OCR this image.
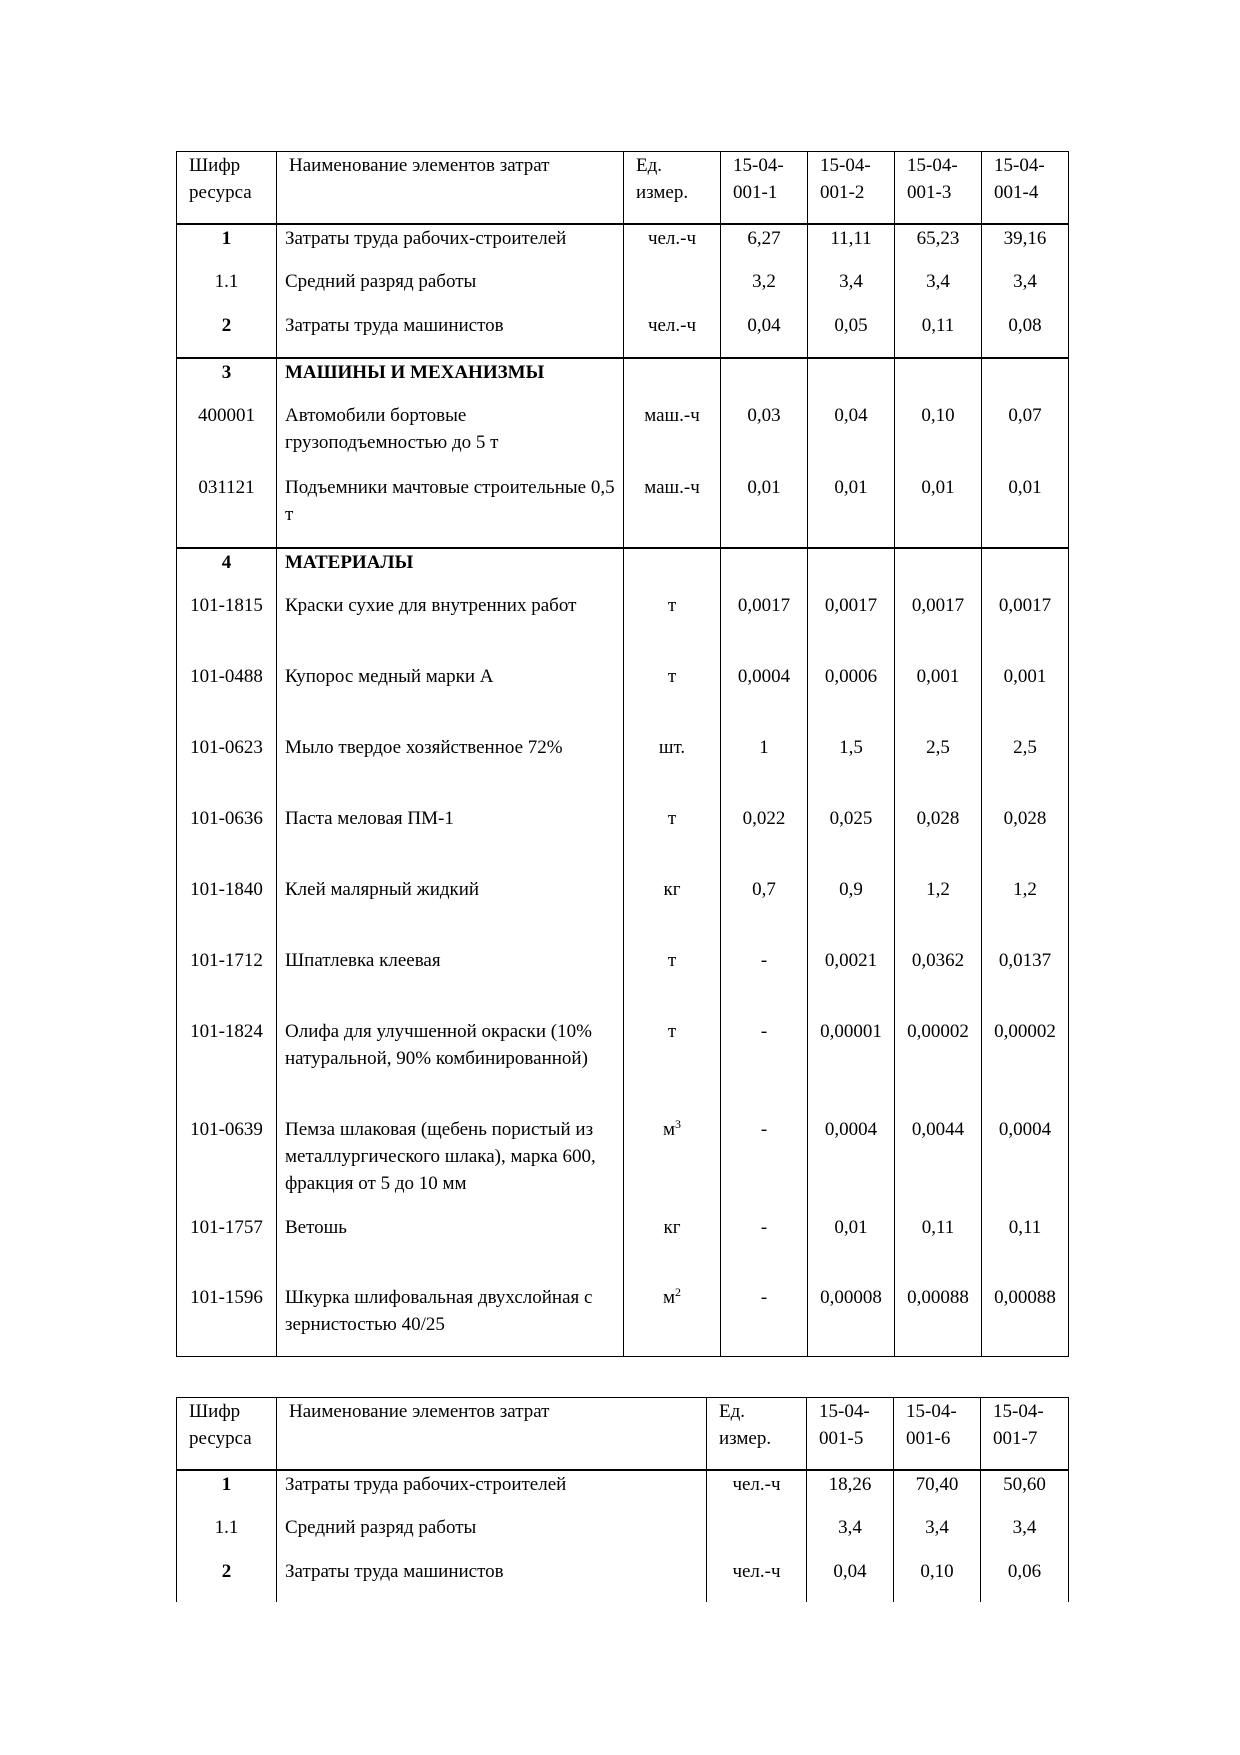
Шифр ресурса	Наименование элементов затрат	Ед. измер.	15-04-001-1	15-04-001-2	15-04-001-3	15-04-001-4
1	Затраты труда рабочих-строителей	чел.-ч	6,27	11,11	65,23	39,16
1.1	Средний разряд работы		3,2	3,4	3,4	3,4
2	Затраты труда машинистов	чел.-ч	0,04	0,05	0,11	0,08
3	МАШИНЫ И МЕХАНИЗМЫ					
400001	Автомобили бортовые грузоподъемностью до 5 т	маш.-ч	0,03	0,04	0,10	0,07
031121	Подъемники мачтовые строительные 0,5 т	маш.-ч	0,01	0,01	0,01	0,01
4	МАТЕРИАЛЫ					
101-1815	Краски сухие для внутренних работ	т	0,0017	0,0017	0,0017	0,0017
101-0488	Купорос медный марки А	т	0,0004	0,0006	0,001	0,001
101-0623	Мыло твердое хозяйственное 72%	шт.	1	1,5	2,5	2,5
101-0636	Паста меловая ПМ-1	т	0,022	0,025	0,028	0,028
101-1840	Клей малярный жидкий	кг	0,7	0,9	1,2	1,2
101-1712	Шпатлевка клеевая	т	-	0,0021	0,0362	0,0137
101-1824	Олифа для улучшенной окраски (10% натуральной, 90% комбинированной)	т	-	0,00001	0,00002	0,00002
101-0639	Пемза шлаковая (щебень пористый из металлургического шлака), марка 600, фракция от 5 до 10 мм	$м^3$	-	0,0004	0,0044	0,0004
101-1757	Ветошь	кг	-	0,01	0,11	0,11
101-1596	Шкурка шлифовальная двухслойная с зернистостью 40/25	$м^2$	-	0,00008	0,00088	0,00088
Шифр ресурса	Наименование элементов затрат	Ед. измер.	15-04-001-5	15-04-001-6	15-04-001-7
1	Затраты труда рабочих-строителей	чел.-ч	18,26	70,40	50,60
1.1	Средний разряд работы		3,4	3,4	3,4
2	Затраты труда машинистов	чел.-ч	0,04	0,10	0,06
